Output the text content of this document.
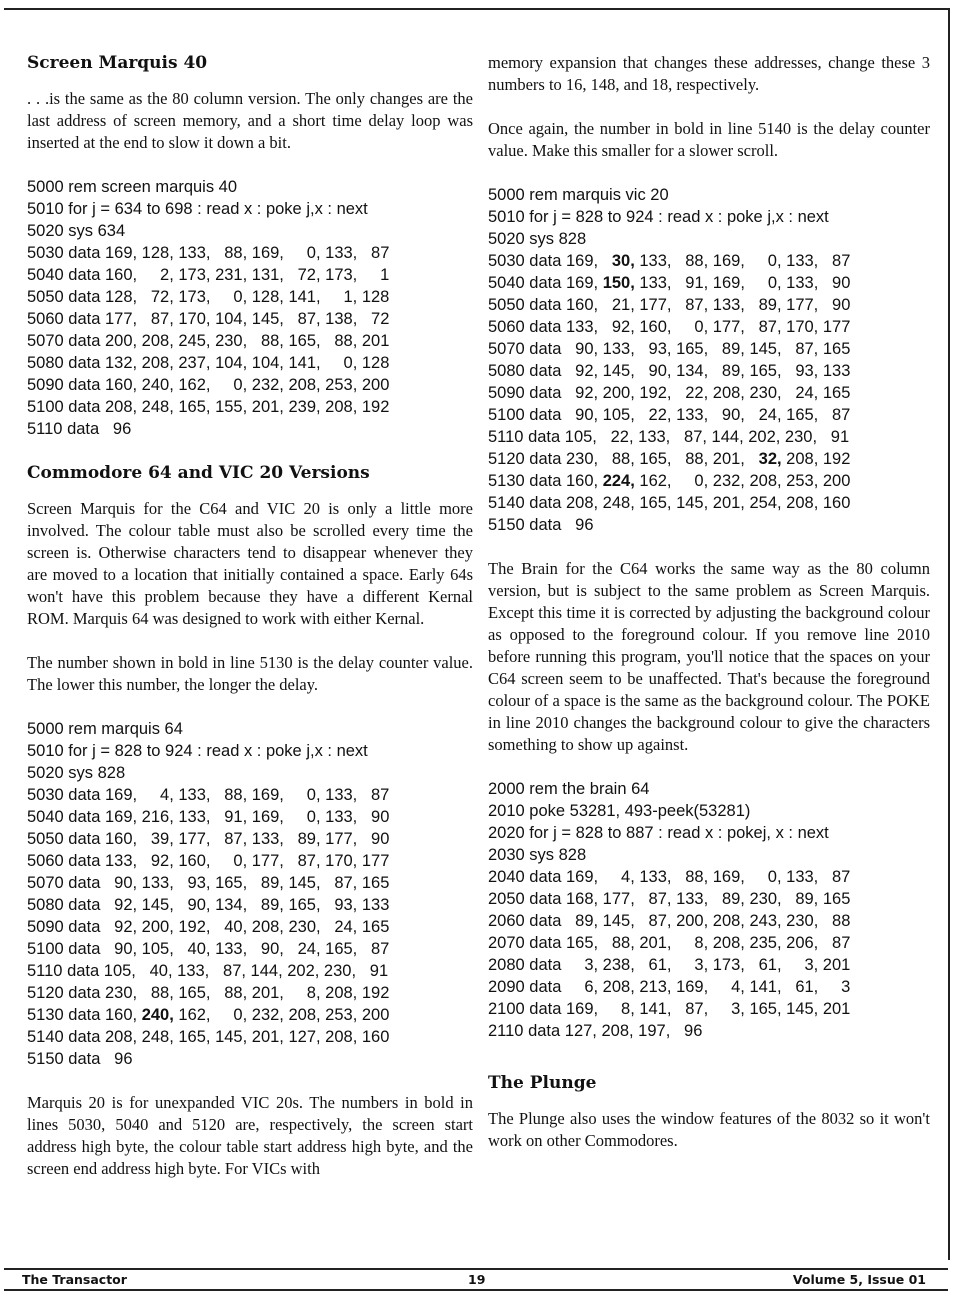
Screen Marquis 40

. . .is the same as the 80 column version. The only changes are the last address of screen memory, and a short time delay loop was inserted at the end to slow it down a bit.

5000 rem screen marquis 40
5010 for j = 634 to 698 : read x : poke j,x : next
5020 sys 634
5030 data 169, 128, 133,   88, 169,     0, 133,   87
5040 data 160,     2, 173, 231, 131,   72, 173,     1
5050 data 128,   72, 173,     0, 128, 141,     1, 128
5060 data 177,   87, 170, 104, 145,   87, 138,   72
5070 data 200, 208, 245, 230,   88, 165,   88, 201
5080 data 132, 208, 237, 104, 104, 141,     0, 128
5090 data 160, 240, 162,     0, 232, 208, 253, 200
5100 data 208, 248, 165, 155, 201, 239, 208, 192
5110 data   96
Commodore 64 and VIC 20 Versions

Screen Marquis for the C64 and VIC 20 is only a little more involved. The colour table must also be scrolled every time the screen is. Otherwise characters tend to disappear whenever they are moved to a location that initially contained a space. Early 64s won't have this problem because they have a different Kernal ROM. Marquis 64 was designed to work with either Kernal.

The number shown in bold in line 5130 is the delay counter value. The lower this number, the longer the delay.

5000 rem marquis 64
5010 for j = 828 to 924 : read x : poke j,x : next
5020 sys 828
5030 data 169,     4, 133,   88, 169,     0, 133,   87
5040 data 169, 216, 133,   91, 169,     0, 133,   90
5050 data 160,   39, 177,   87, 133,   89, 177,   90
5060 data 133,   92, 160,     0, 177,   87, 170, 177
5070 data   90, 133,   93, 165,   89, 145,   87, 165
5080 data   92, 145,   90, 134,   89, 165,   93, 133
5090 data   92, 200, 192,   40, 208, 230,   24, 165
5100 data   90, 105,   40, 133,   90,   24, 165,   87
5110 data 105,   40, 133,   87, 144, 202, 230,   91
5120 data 230,   88, 165,   88, 201,     8, 208, 192
5130 data 160, 240, 162,     0, 232, 208, 253, 200
5140 data 208, 248, 165, 145, 201, 127, 208, 160
5150 data   96

Marquis 20 is for unexpanded VIC 20s. The numbers in bold in lines 5030, 5040 and 5120 are, respectively, the screen start address high byte, the colour table start address high byte, and the screen end address high byte. For VICs with

memory expansion that changes these addresses, change these 3 numbers to 16, 148, and 18, respectively.

Once again, the number in bold in line 5140 is the delay counter value. Make this smaller for a slower scroll.

5000 rem marquis vic 20
5010 for j = 828 to 924 : read x : poke j,x : next
5020 sys 828
5030 data 169,   30, 133,   88, 169,     0, 133,   87
5040 data 169, 150, 133,   91, 169,     0, 133,   90
5050 data 160,   21, 177,   87, 133,   89, 177,   90
5060 data 133,   92, 160,     0, 177,   87, 170, 177
5070 data   90, 133,   93, 165,   89, 145,   87, 165
5080 data   92, 145,   90, 134,   89, 165,   93, 133
5090 data   92, 200, 192,   22, 208, 230,   24, 165
5100 data   90, 105,   22, 133,   90,   24, 165,   87
5110 data 105,   22, 133,   87, 144, 202, 230,   91
5120 data 230,   88, 165,   88, 201,   32, 208, 192
5130 data 160, 224, 162,     0, 232, 208, 253, 200
5140 data 208, 248, 165, 145, 201, 254, 208, 160
5150 data   96

The Brain for the C64 works the same way as the 80 column version, but is subject to the same problem as Screen Marquis. Except this time it is corrected by adjusting the background colour as opposed to the foreground colour. If you remove line 2010 before running this program, you'll notice that the spaces on your C64 screen seem to be unaffected. That's because the foreground colour of a space is the same as the background colour. The POKE in line 2010 changes the background colour to give the characters something to show up against.

2000 rem the brain 64
2010 poke 53281, 493-peek(53281)
2020 for j = 828 to 887 : read x : pokej, x : next
2030 sys 828
2040 data 169,     4, 133,   88, 169,     0, 133,   87
2050 data 168, 177,   87, 133,   89, 230,   89, 165
2060 data   89, 145,   87, 200, 208, 243, 230,   88
2070 data 165,   88, 201,     8, 208, 235, 206,   87
2080 data     3, 238,   61,     3, 173,   61,     3, 201
2090 data     6, 208, 213, 169,     4, 141,   61,     3
2100 data 169,     8, 141,   87,     3, 165, 145, 201
2110 data 127, 208, 197,   96
The Plunge

The Plunge also uses the window features of the 8032 so it won't work on other Commodores.

The Transactor	19	Volume 5, Issue 01
